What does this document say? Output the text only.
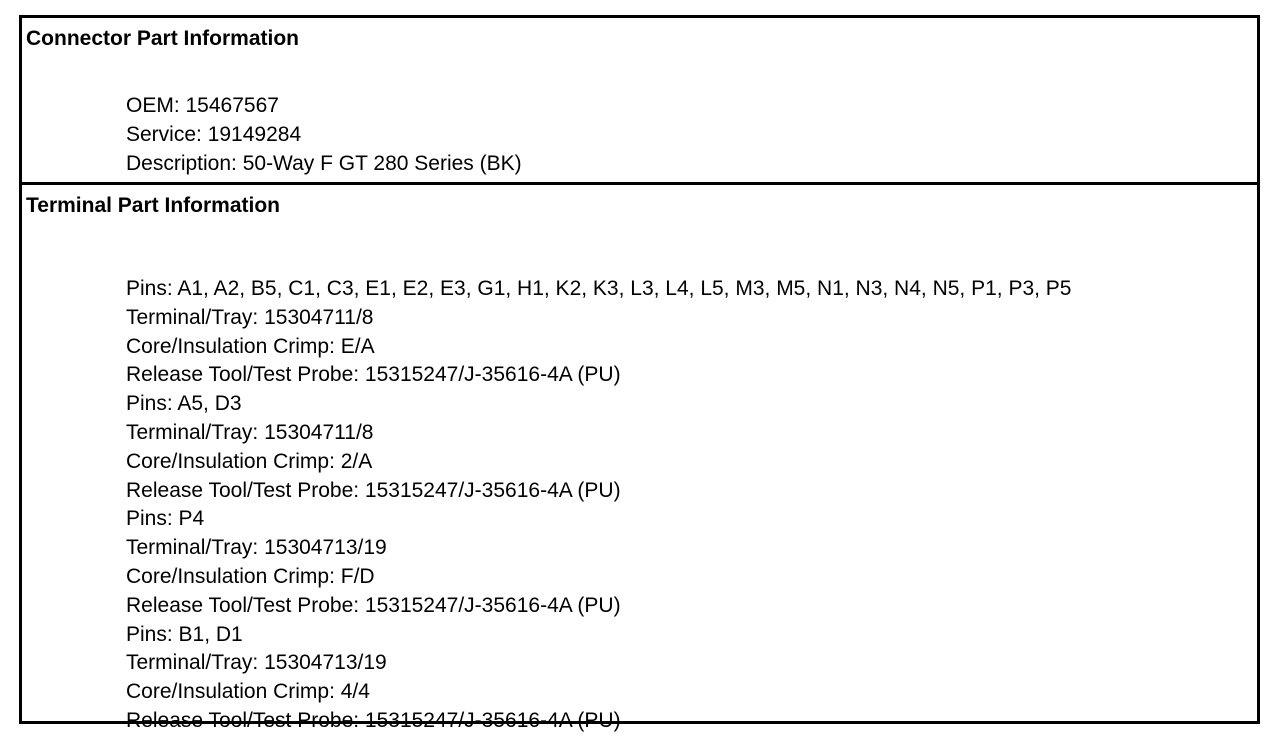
Connector Part Information
OEM: 15467567
Service: 19149284
Description: 50-Way F GT 280 Series (BK)
Terminal Part Information
Pins: A1, A2, B5, C1, C3, E1, E2, E3, G1, H1, K2, K3, L3, L4, L5, M3, M5, N1, N3, N4, N5, P1, P3, P5
Terminal/Tray: 15304711/8
Core/Insulation Crimp: E/A
Release Tool/Test Probe: 15315247/J-35616-4A (PU)
Pins: A5, D3
Terminal/Tray: 15304711/8
Core/Insulation Crimp: 2/A
Release Tool/Test Probe: 15315247/J-35616-4A (PU)
Pins: P4
Terminal/Tray: 15304713/19
Core/Insulation Crimp: F/D
Release Tool/Test Probe: 15315247/J-35616-4A (PU)
Pins: B1, D1
Terminal/Tray: 15304713/19
Core/Insulation Crimp: 4/4
Release Tool/Test Probe: 15315247/J-35616-4A (PU)
